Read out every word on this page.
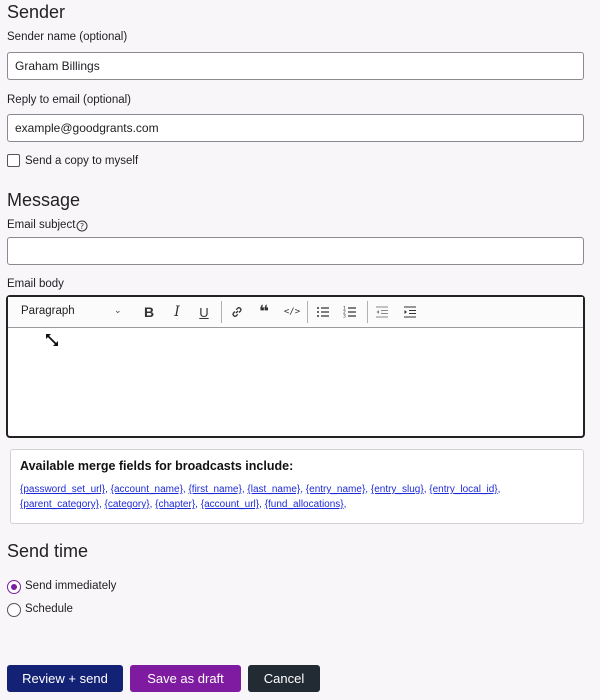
Sender
Sender name (optional)
Graham Billings
Reply to email (optional)
example@goodgrants.com
Send a copy to myself
Message
Email subject ?
Email body
Paragraph	⌄ B	I	U	❝	</>	1
2
3
Available merge fields for broadcasts include:
{password_set_url}, {account_name}, {first_name}, {last_name}, {entry_name}, {entry_slug}, {entry_local_id}, {parent_category}, {category}, {chapter}, {account_url}, {fund_allocations},
Send time
Send immediately
Schedule
Review + send	Save as draft	Cancel
